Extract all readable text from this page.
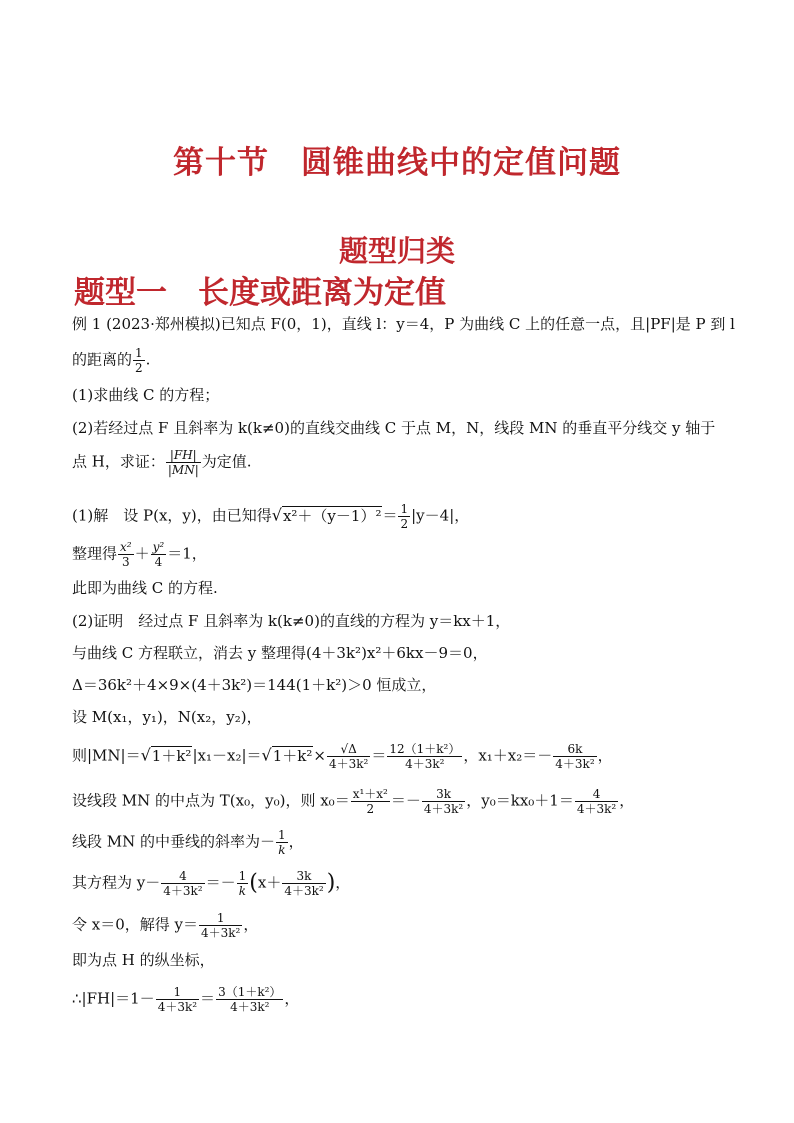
第十节　圆锥曲线中的定值问题
题型归类
题型一　长度或距离为定值
例 1 (2023·郑州模拟)已知点 F(0，1)，直线 l：y＝4，P 为曲线 C 上的任意一点，且|PF|是 P 到 l
的距离的 $\frac{1}{2}$ .
(1)求曲线 C 的方程；
(2)若经过点 F 且斜率为 k(k≠0)的直线交曲线 C 于点 M，N，线段 MN 的垂直平分线交 y 轴于
点 H，求证： $\frac{|FH|}{|MN|}$ 为定值.
(1)解　设 P(x，y)，由已知得$√x^2+(y-1)^2= \frac{1}{2} |y-4|$，
整理得 $\frac{\text{x²}}{3} + \frac{\text{y²}}{4} =1$，
此即为曲线 C 的方程.
(2)证明　经过点 F 且斜率为 k(k≠0)的直线的方程为 y＝kx＋1，
与曲线 C 方程联立，消去 y 整理得(4＋3k²)x²＋6kx－9＝0，
Δ＝36k²＋4×9×(4＋3k²)＝144(1＋k²)＞0 恒成立，
设 M(x₁，y₁)，N(x₂，y₂)，
则$|MN|=√1+k^2|x_1-x_2|=√1+k^2\times \frac{√\Delta}{\text{4＋3k²}} = \frac{\text{12（1＋k²）}}{\text{4＋3k²}}$ ，$x_1+x_2=- \frac{6k}{\text{4＋3k²}}$ ，
设线段 MN 的中点为 T(x₀，y₀)，则 $x_0= \frac{\text{x¹＋x²}}{2} =- \frac{3k}{\text{4＋3k²}}$ ，$y_0=kx_0+1= \frac{4}{\text{4＋3k²}}$ ，
线段 MN 的中垂线的斜率为－ $\frac{1}{k}$ ，
其方程为 $y- \frac{4}{\text{4＋3k²}} =- \frac{1}{k} (x+ \frac{3k}{\text{4＋3k²}}$ )，
令 x＝0，解得 $y= \frac{1}{\text{4＋3k²}}$ ，
即为点 H 的纵坐标，
∴|FH|＝1－ $\frac{1}{\text{4＋3k²}} = \frac{\text{3（1＋k²）}}{\text{4＋3k²}}$ ，
